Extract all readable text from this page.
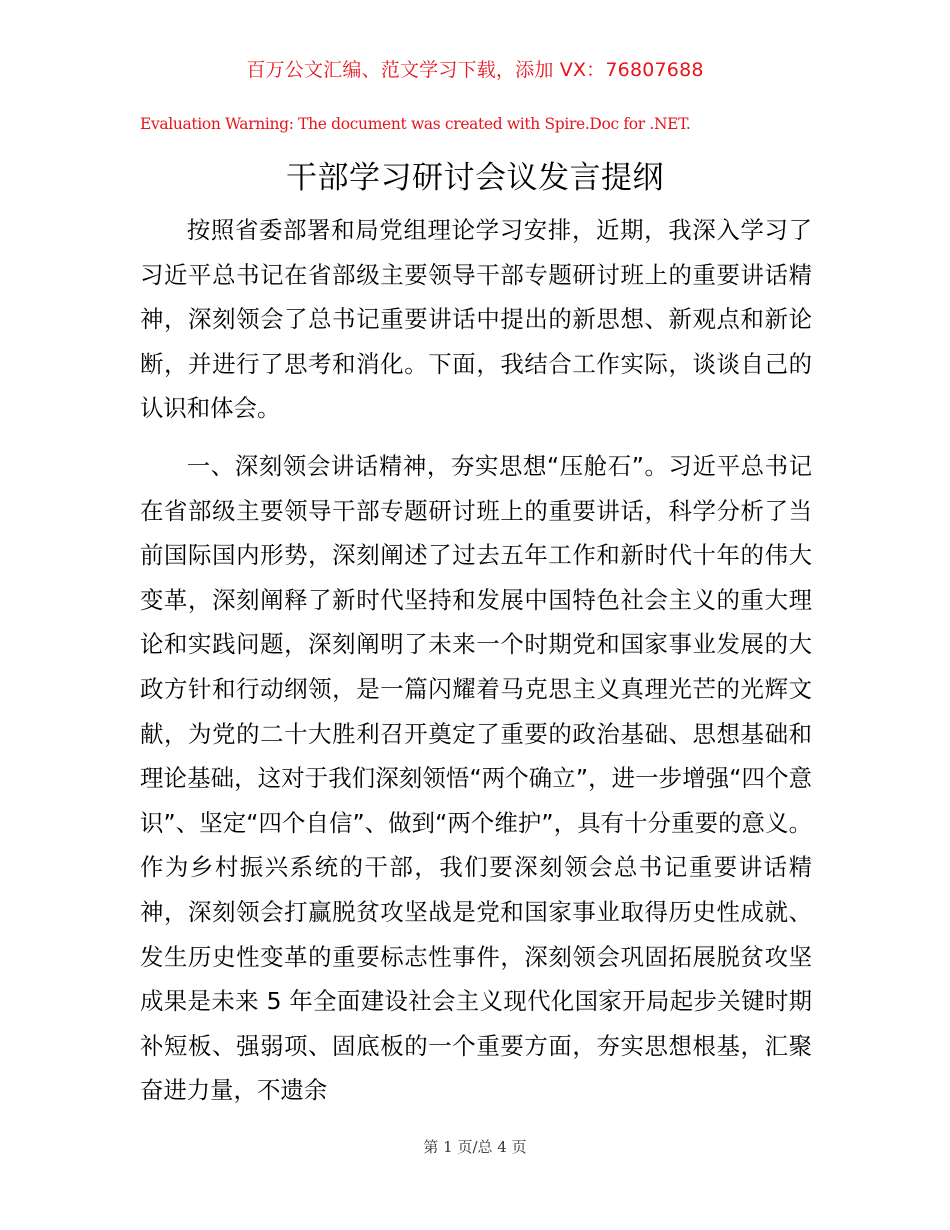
百万公文汇编、范文学习下载，添加 VX：76807688
Evaluation Warning: The document was created with Spire.Doc for .NET.
干部学习研讨会议发言提纲

按照省委部署和局党组理论学习安排，近期，我深入学习了习近平总书记在省部级主要领导干部专题研讨班上的重要讲话精神，深刻领会了总书记重要讲话中提出的新思想、新观点和新论断，并进行了思考和消化。下面，我结合工作实际，谈谈自己的认识和体会。

一、深刻领会讲话精神，夯实思想“压舱石”。习近平总书记在省部级主要领导干部专题研讨班上的重要讲话，科学分析了当前国际国内形势，深刻阐述了过去五年工作和新时代十年的伟大变革，深刻阐释了新时代坚持和发展中国特色社会主义的重大理论和实践问题，深刻阐明了未来一个时期党和国家事业发展的大政方针和行动纲领，是一篇闪耀着马克思主义真理光芒的光辉文献，为党的二十大胜利召开奠定了重要的政治基础、思想基础和理论基础，这对于我们深刻领悟“两个确立”，进一步增强“四个意识”、坚定“四个自信”、做到“两个维护”，具有十分重要的意义。作为乡村振兴系统的干部，我们要深刻领会总书记重要讲话精神，深刻领会打赢脱贫攻坚战是党和国家事业取得历史性成就、发生历史性变革的重要标志性事件，深刻领会巩固拓展脱贫攻坚成果是未来 5 年全面建设社会主义现代化国家开局起步关键时期补短板、强弱项、固底板的一个重要方面，夯实思想根基，汇聚奋进力量，不遗余

第 1 页/总 4 页
